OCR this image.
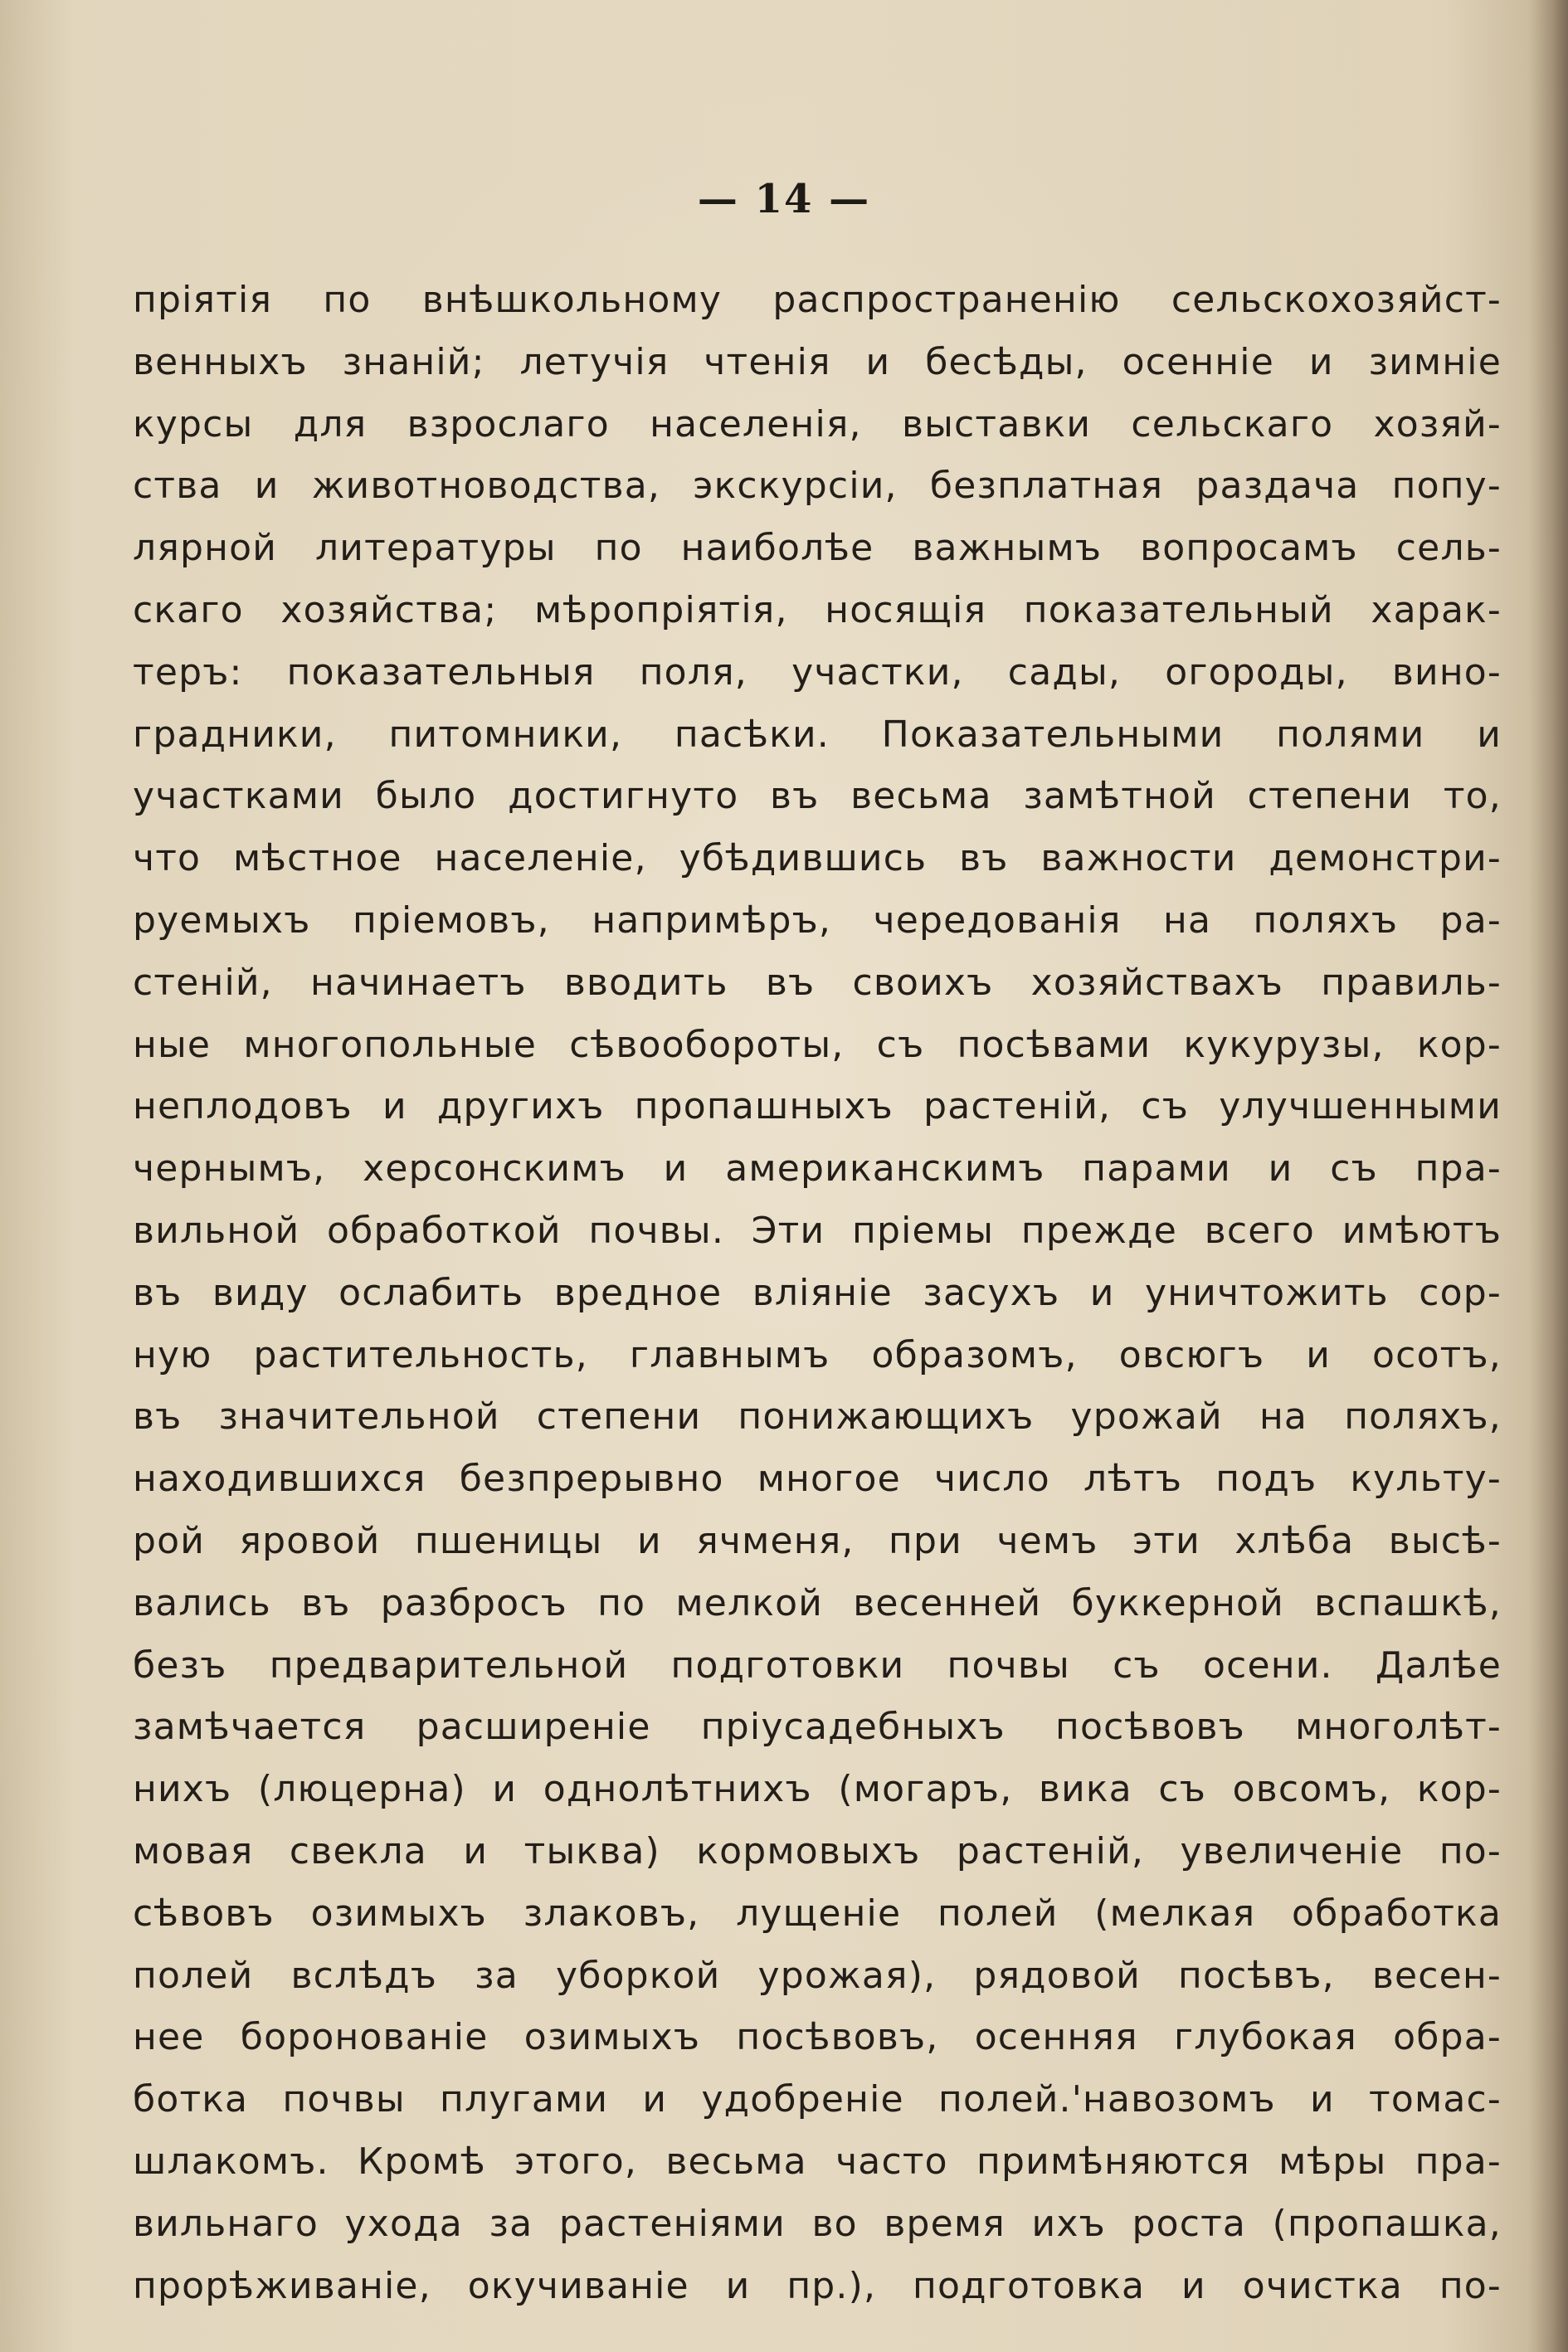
— 14 —
пріятія по внѣшкольному распространенію сельскохозяйст-
венныхъ знаній; летучія чтенія и бесѣды, осенніе и зимніе
курсы для взрослаго населенія, выставки сельскаго хозяй-
ства и животноводства, экскурсіи, безплатная раздача попу-
лярной литературы по наиболѣе важнымъ вопросамъ сель-
скаго хозяйства; мѣропріятія, носящія показательный харак-
теръ: показательныя поля, участки, сады, огороды, вино-
градники, питомники, пасѣки. Показательными полями и
участками было достигнуто въ весьма замѣтной степени то,
что мѣстное населеніе, убѣдившись въ важности демонстри-
руемыхъ пріемовъ, напримѣръ, чередованія на поляхъ ра-
стеній, начинаетъ вводить въ своихъ хозяйствахъ правиль-
ные многопольные сѣвообороты, съ посѣвами кукурузы, кор-
неплодовъ и другихъ пропашныхъ растеній, съ улучшенными
чернымъ, херсонскимъ и американскимъ парами и съ пра-
вильной обработкой почвы. Эти пріемы прежде всего имѣютъ
въ виду ослабить вредное вліяніе засухъ и уничтожить сор-
ную растительность, главнымъ образомъ, овсюгъ и осотъ,
въ значительной степени понижающихъ урожай на поляхъ,
находившихся безпрерывно многое число лѣтъ подъ культу-
рой яровой пшеницы и ячменя, при чемъ эти хлѣба высѣ-
вались въ разбросъ по мелкой весенней буккерной вспашкѣ,
безъ предварительной подготовки почвы съ осени. Далѣе
замѣчается расширеніе пріусадебныхъ посѣвовъ многолѣт-
нихъ (люцерна) и однолѣтнихъ (могаръ, вика съ овсомъ, кор-
мовая свекла и тыква) кормовыхъ растеній, увеличеніе по-
сѣвовъ озимыхъ злаковъ, лущеніе полей (мелкая обработка
полей вслѣдъ за уборкой урожая), рядовой посѣвъ, весен-
нее боронованіе озимыхъ посѣвовъ, осенняя глубокая обра-
ботка почвы плугами и удобреніе полей.'навозомъ и томас-
шлакомъ. Кромѣ этого, весьма часто примѣняются мѣры пра-
вильнаго ухода за растеніями во время ихъ роста (пропашка,
прорѣживаніе, окучиваніе и пр.), подготовка и очистка по-
